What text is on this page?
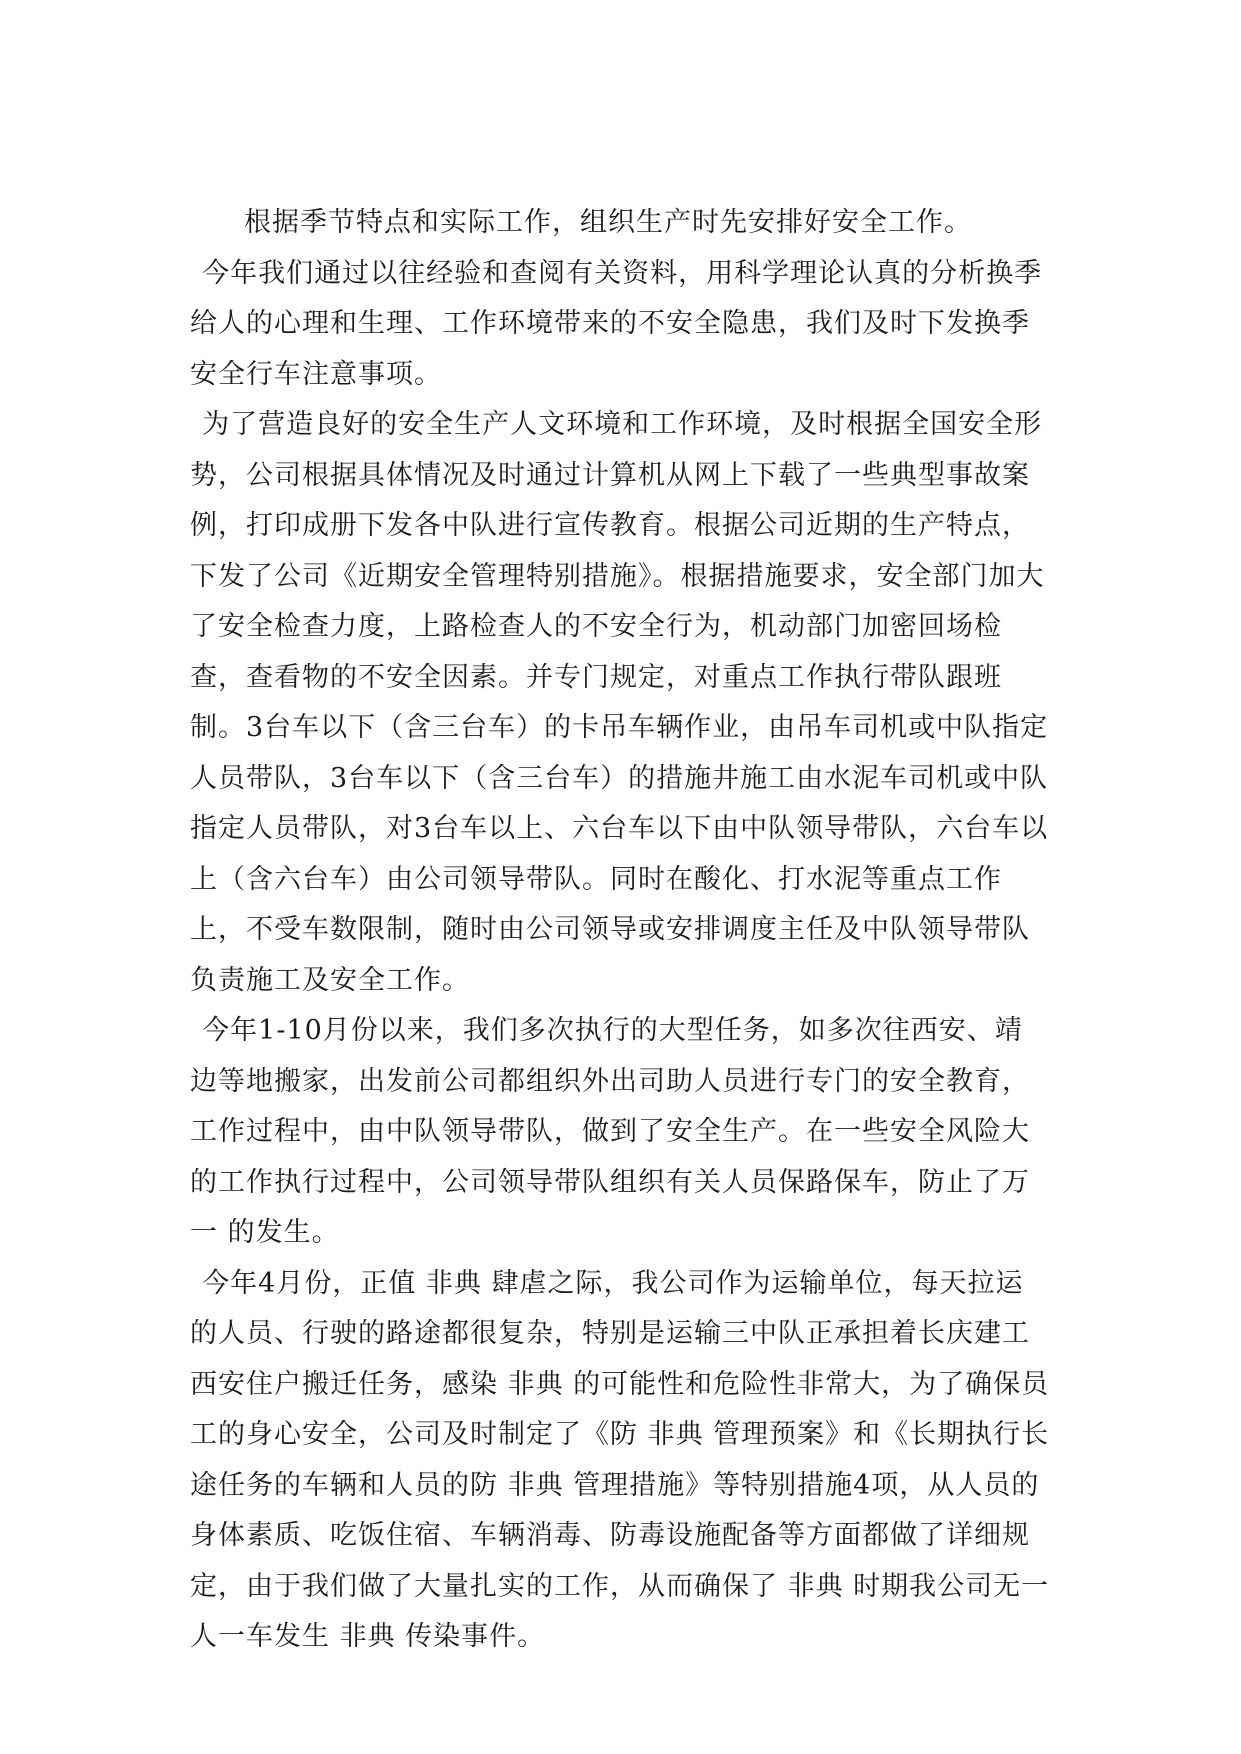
根据季节特点和实际工作，组织生产时先安排好安全工作。

今年我们通过以往经验和查阅有关资料，用科学理论认真的分析换季给人的心理和生理、工作环境带来的不安全隐患，我们及时下发换季安全行车注意事项。

为了营造良好的安全生产人文环境和工作环境，及时根据全国安全形势，公司根据具体情况及时通过计算机从网上下载了一些典型事故案例，打印成册下发各中队进行宣传教育。根据公司近期的生产特点，下发了公司《近期安全管理特别措施》。根据措施要求，安全部门加大了安全检查力度，上路检查人的不安全行为，机动部门加密回场检查，查看物的不安全因素。并专门规定，对重点工作执行带队跟班制。3台车以下（含三台车）的卡吊车辆作业，由吊车司机或中队指定人员带队，3台车以下（含三台车）的措施井施工由水泥车司机或中队指定人员带队，对3台车以上、六台车以下由中队领导带队，六台车以上（含六台车）由公司领导带队。同时在酸化、打水泥等重点工作上，不受车数限制，随时由公司领导或安排调度主任及中队领导带队负责施工及安全工作。

今年1-10月份以来，我们多次执行的大型任务，如多次往西安、靖边等地搬家，出发前公司都组织外出司助人员进行专门的安全教育，工作过程中，由中队领导带队，做到了安全生产。在一些安全风险大的工作执行过程中，公司领导带队组织有关人员保路保车，防止了万一 的发生。

今年4月份，正值 非典 肆虐之际，我公司作为运输单位，每天拉运的人员、行驶的路途都很复杂，特别是运输三中队正承担着长庆建工西安住户搬迁任务，感染 非典 的可能性和危险性非常大，为了确保员工的身心安全，公司及时制定了《防 非典 管理预案》和《长期执行长途任务的车辆和人员的防 非典 管理措施》等特别措施4项，从人员的身体素质、吃饭住宿、车辆消毒、防毒设施配备等方面都做了详细规定，由于我们做了大量扎实的工作，从而确保了 非典 时期我公司无一人一车发生 非典 传染事件。
